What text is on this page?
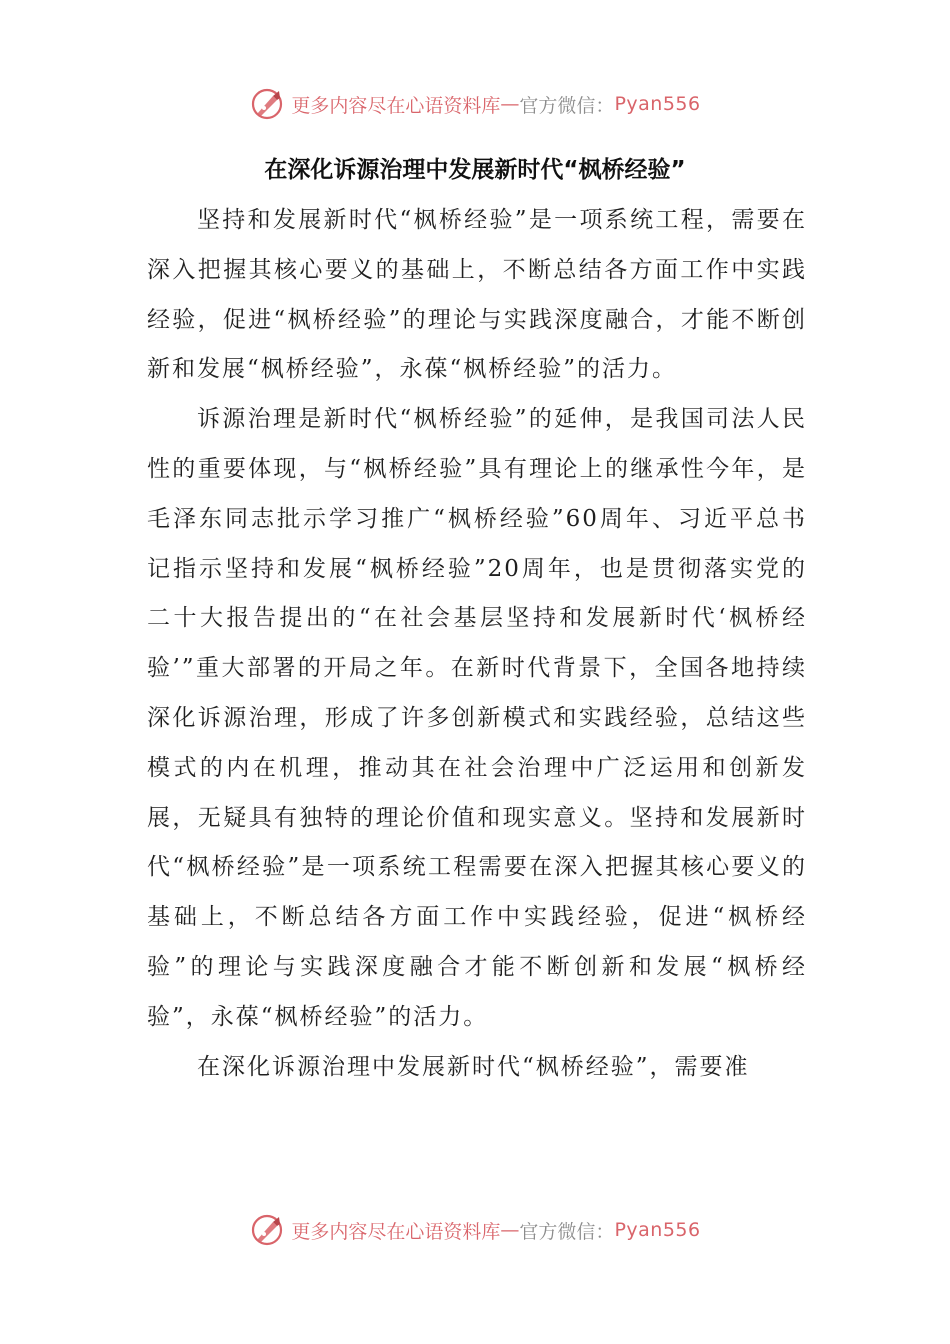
更多内容尽在心语资料库 — 官方微信： Pyan556
在深化诉源治理中发展新时代“枫桥经验”

坚持和发展新时代“枫桥经验”是一项系统工程，需要在深入把握其核心要义的基础上，不断总结各方面工作中实践经验，促进“枫桥经验”的理论与实践深度融合，才能不断创新和发展“枫桥经验”，永葆“枫桥经验”的活力。

诉源治理是新时代“枫桥经验”的延伸，是我国司法人民性的重要体现，与“枫桥经验”具有理论上的继承性今年，是毛泽东同志批示学习推广“枫桥经验”60周年、习近平总书记指示坚持和发展“枫桥经验”20周年，也是贯彻落实党的二十大报告提出的“在社会基层坚持和发展新时代‘枫桥经验’”重大部署的开局之年。在新时代背景下，全国各地持续深化诉源治理，形成了许多创新模式和实践经验，总结这些模式的内在机理，推动其在社会治理中广泛运用和创新发展，无疑具有独特的理论价值和现实意义。坚持和发展新时代“枫桥经验”是一项系统工程需要在深入把握其核心要义的基础上，不断总结各方面工作中实践经验，促进“枫桥经验”的理论与实践深度融合才能不断创新和发展“枫桥经验”，永葆“枫桥经验”的活力。

在深化诉源治理中发展新时代“枫桥经验”，需要准

更多内容尽在心语资料库 — 官方微信： Pyan556
